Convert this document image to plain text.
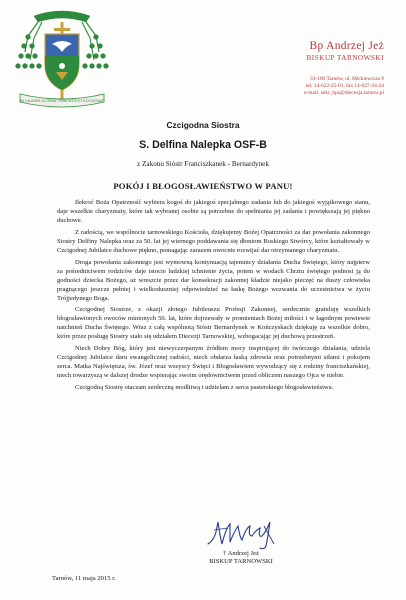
IN LAUDEM GLORIAE TRINITATIS ET ECCLESIAE
Bp Andrzej Jeż
BISKUP TARNOWSKI
33-100 Tarnów, ul. Mickiewicza 9
tel. 14-622-25-01, fax 14-627-24-24
e-mail: sekr_bps@diecezja.tarnow.pl
Czcigodna Siostra
S. Delfina Nalepka OSF-B
z Zakonu Sióstr Franciszkanek - Bernardynek
POKÓJ I BŁOGOSŁAWIEŃSTWO W PANU!

Ilekroć Boża Opatrzność wybiera kogoś do jakiegoś specjalnego zadania lub do jakiegoś wyjątkowego stanu, daje wszelkie charyzmaty, które tak wybranej osobie są potrzebne do spełniania jej zadania i powiększają jej piękno duchowe.

Z radością, we wspólnocie tarnowskiego Kościoła, dziękujemy Bożej Opatrzności za dar powołania zakonnego Siostry Delfiny Nalepka oraz za 50. lat jej wiernego poddawania się dłoniom Boskiego Stwórcy, które kształtowały w Czcigodnej Jubilatce duchowe piękno, pomagając zarazem owocnie rozwijać dar otrzymanego charyzmatu.

Droga powołania zakonnego jest wymowną kontynuacją tajemnicy działania Ducha Świętego, który najpierw za pośrednictwem rodziców daje istocie ludzkiej tchnienie życia, potem w wodach Chrztu świętego podnosi ją do godności dziecka Bożego, aż wreszcie przez dar konsekracji zakonnej kładzie niejako pieczęć na duszy człowieka pragnącego jeszcze pełniej i wielkoduszniej odpowiedzieć na łaskę Bożego wezwania do uczestnictwa w życiu Trójjedynego Boga.

Czcigodnej Siostrze, z okazji złotego Jubileuszu Profesji Zakonnej, serdecznie gratuluję wszelkich błogosławionych owoców minionych 50. lat, które dojrzewały w promieniach Bożej miłości i w łagodnym powiewie natchnień Ducha Świętego. Wraz z całą wspólnotą Sióstr Bernardynek w Kończyskach dziękuję za wszelkie dobro, które przez posługę Siostry stało się udziałem Diecezji Tarnowskiej, wzbogacając jej duchową przestrzeń.

Niech Dobry Bóg, który jest niewyczerpanym źródłem mocy inspirującej do twórczego działania, udziela Czcigodnej Jubilatce daru ewangelicznej radości, niech obdarza łaską zdrowia oraz potrzebnymi siłami i pokojem serca. Matka Najświętsza, św. Józef oraz wszyscy Święci i Błogosławieni wywodzący się z rodziny franciszkańskiej, niech towarzyszą w dalszej drodze wspierając swoim orędownictwem przed obliczem naszego Ojca w niebie.

Czcigodną Siostrę otaczam serdeczną modlitwą i udzielam z serca pasterskiego błogosławieństwa.

† Andrzej Jeż
BISKUP TARNOWSKI
Tarnów, 11 maja 2015 r.
